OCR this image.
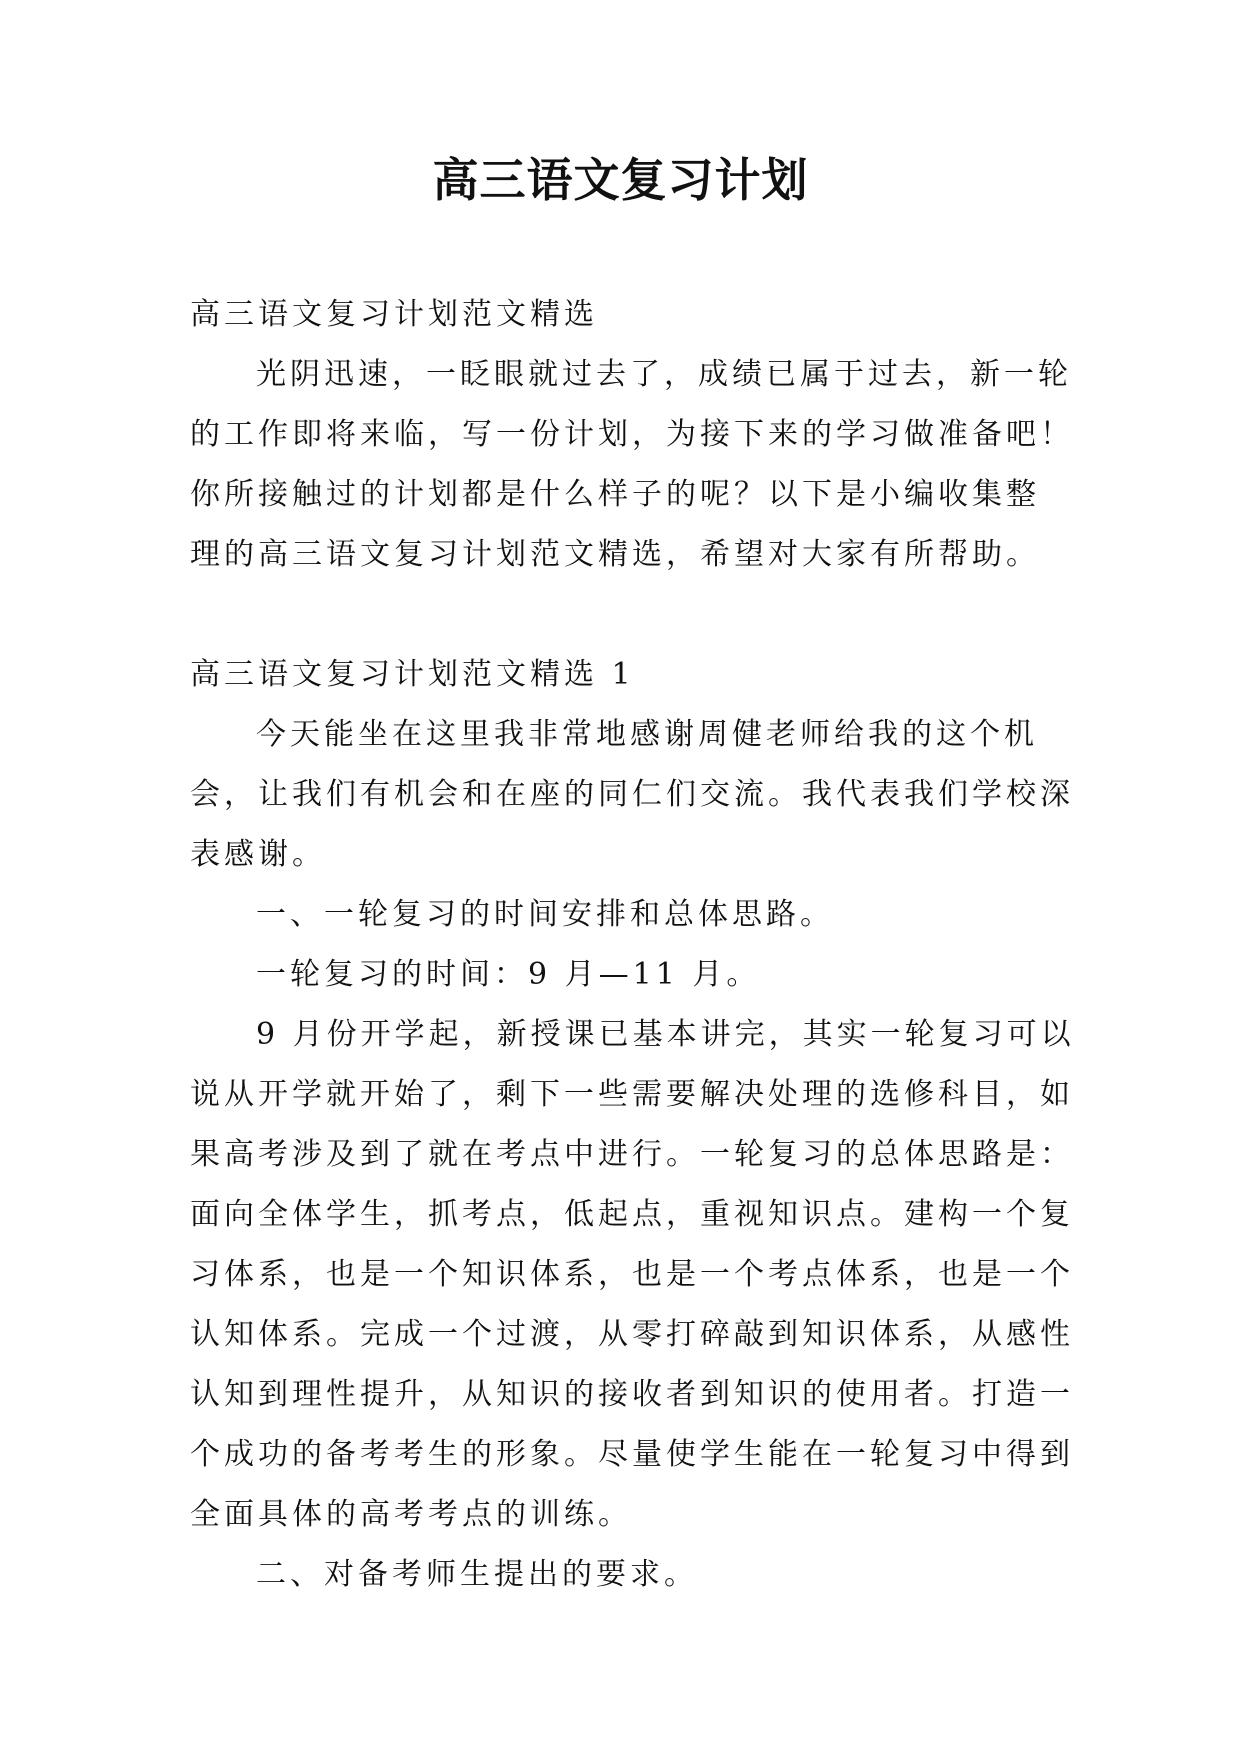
高三语文复习计划

高三语文复习计划范文精选

光阴迅速，一眨眼就过去了，成绩已属于过去，新一轮

的工作即将来临，写一份计划，为接下来的学习做准备吧！

你所接触过的计划都是什么样子的呢？以下是小编收集整

理的高三语文复习计划范文精选，希望对大家有所帮助。

高三语文复习计划范文精选 1

今天能坐在这里我非常地感谢周健老师给我的这个机

会，让我们有机会和在座的同仁们交流。我代表我们学校深

表感谢。

一、一轮复习的时间安排和总体思路。

一轮复习的时间：9 月—11 月。

9 月份开学起，新授课已基本讲完，其实一轮复习可以

说从开学就开始了，剩下一些需要解决处理的选修科目，如

果高考涉及到了就在考点中进行。一轮复习的总体思路是：

面向全体学生，抓考点，低起点，重视知识点。建构一个复

习体系，也是一个知识体系，也是一个考点体系，也是一个

认知体系。完成一个过渡，从零打碎敲到知识体系，从感性

认知到理性提升，从知识的接收者到知识的使用者。打造一

个成功的备考考生的形象。尽量使学生能在一轮复习中得到

全面具体的高考考点的训练。

二、对备考师生提出的要求。
